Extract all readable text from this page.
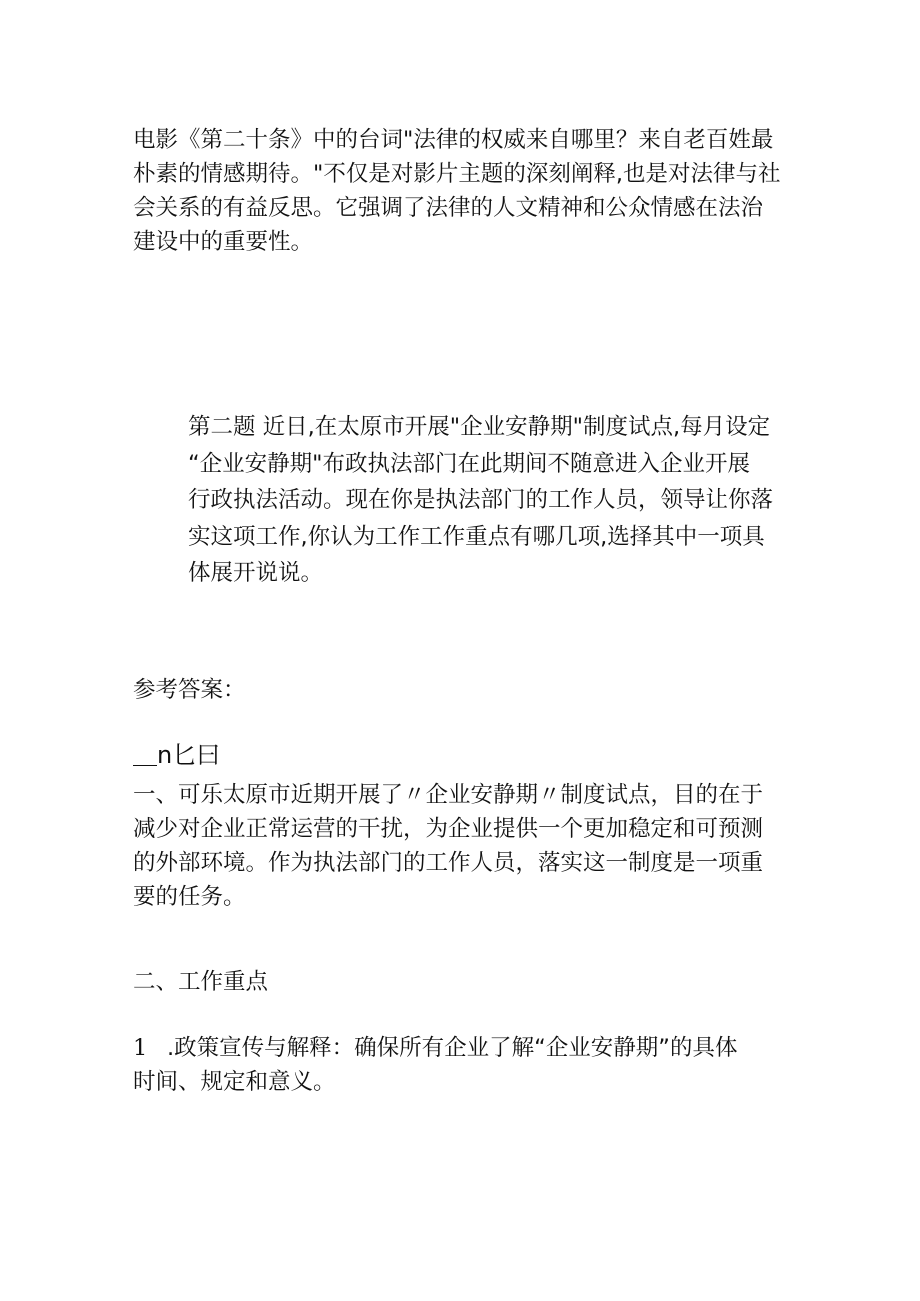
电影《第二十条》中的台词"法律的权威来自哪里？来自老百姓最
朴素的情感期待。"不仅是对影片主题的深刻阐释,也是对法律与社
会关系的有益反思。它强调了法律的人文精神和公众情感在法治
建设中的重要性。

第二题 近日,在太原市开展"企业安静期"制度试点,每月设定
“企业安静期"布政执法部门在此期间不随意进入企业开展
行政执法活动。现在你是执法部门的工作人员，领导让你落
实这项工作,你认为工作工作重点有哪几项,选择其中一项具
体展开说说。

参考答案：

＿n匕曰

一、可乐太原市近期开展了〃企业安静期〃制度试点，目的在于
减少对企业正常运营的干扰，为企业提供一个更加稳定和可预测
的外部环境。作为执法部门的工作人员，落实这一制度是一项重
要的任务。

二、工作重点

1 .政策宣传与解释：确保所有企业了解“企业安静期”的具体
时间、规定和意义。
